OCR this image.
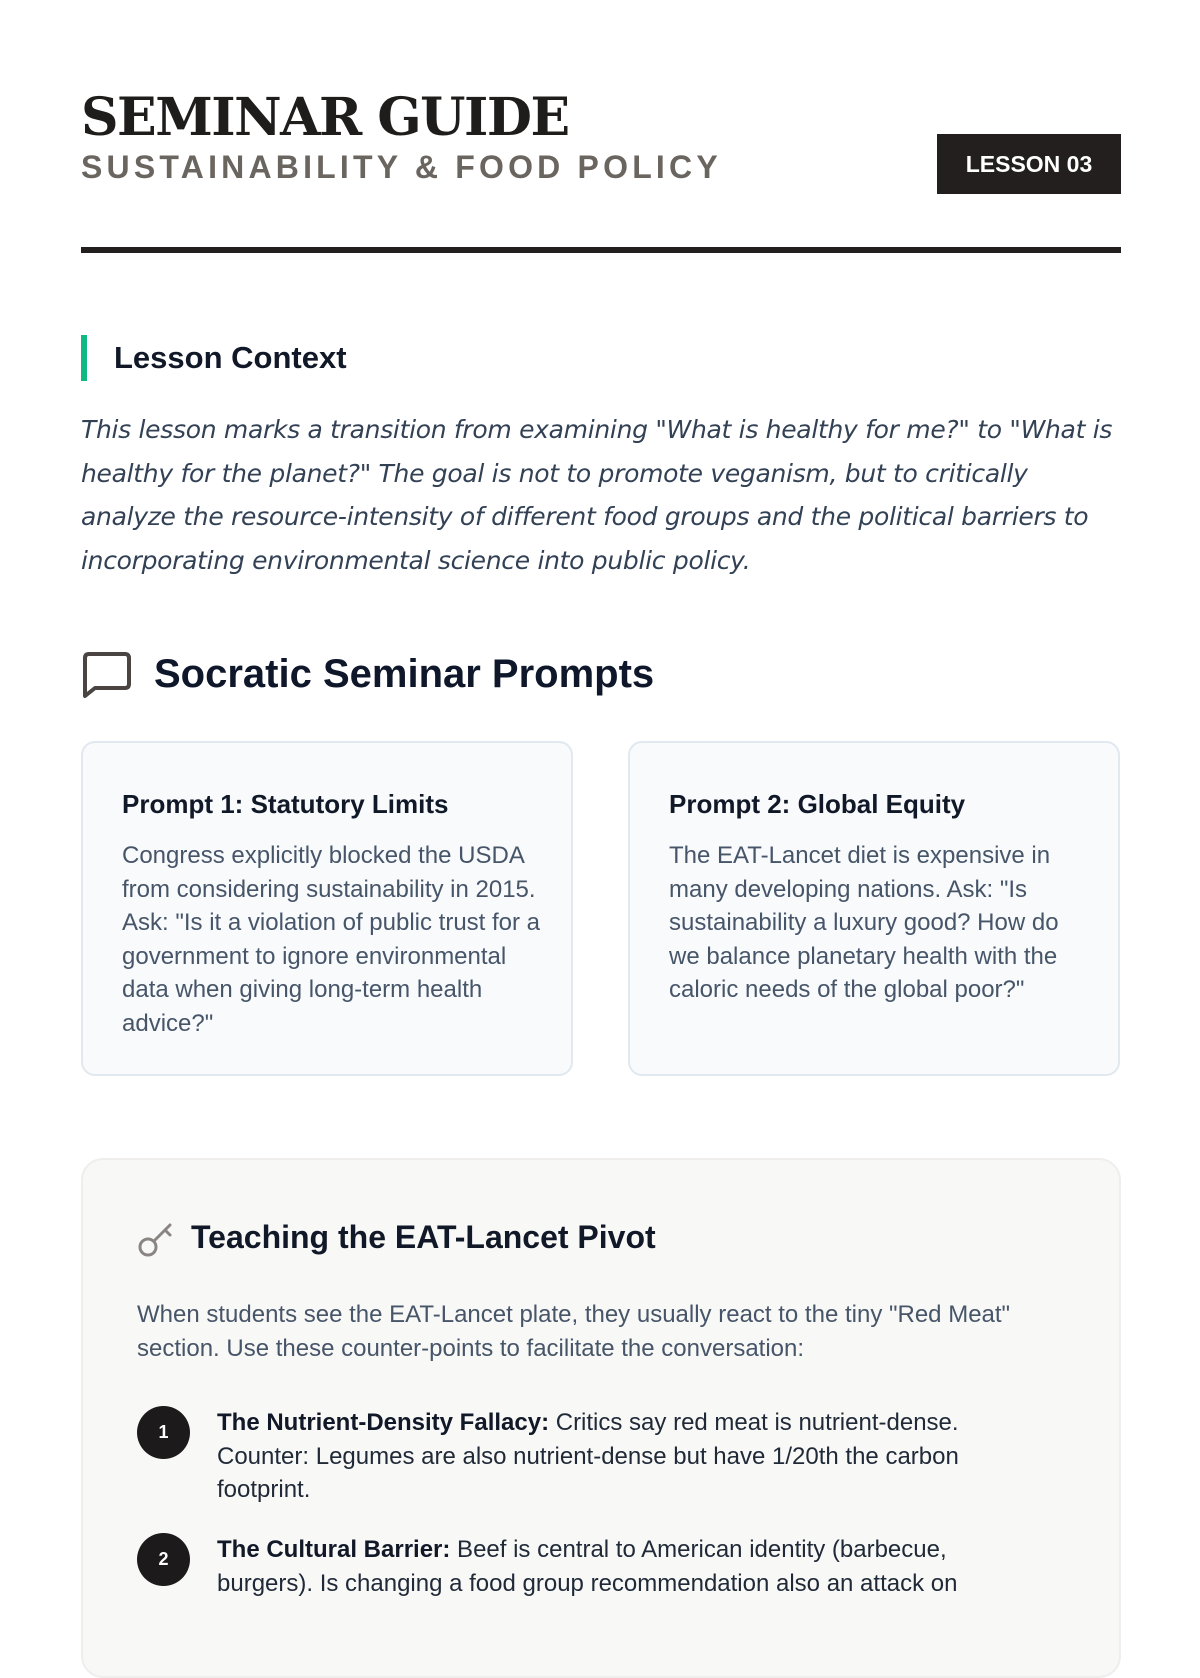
SEMINAR GUIDE
SUSTAINABILITY & FOOD POLICY	LESSON 03
Lesson Context

This lesson marks a transition from examining "What is healthy for me?" to "What is healthy for the planet?" The goal is not to promote veganism, but to critically analyze the resource-intensity of different food groups and the political barriers to incorporating environmental science into public policy.

Socratic Seminar Prompts
Prompt 1: Statutory Limits

Congress explicitly blocked the USDA from considering sustainability in 2015. Ask: "Is it a violation of public trust for a government to ignore environmental data when giving long-term health advice?"

Prompt 2: Global Equity

The EAT-Lancet diet is expensive in many developing nations. Ask: "Is sustainability a luxury good? How do we balance planetary health with the caloric needs of the global poor?"

Teaching the EAT-Lancet Pivot

When students see the EAT-Lancet plate, they usually react to the tiny "Red Meat" section. Use these counter-points to facilitate the conversation:

1	The Nutrient-Density Fallacy: Critics say red meat is nutrient-dense. Counter: Legumes are also nutrient-dense but have 1/20th the carbon footprint.

2	The Cultural Barrier: Beef is central to American identity (barbecue, burgers). Is changing a food group recommendation also an attack on
